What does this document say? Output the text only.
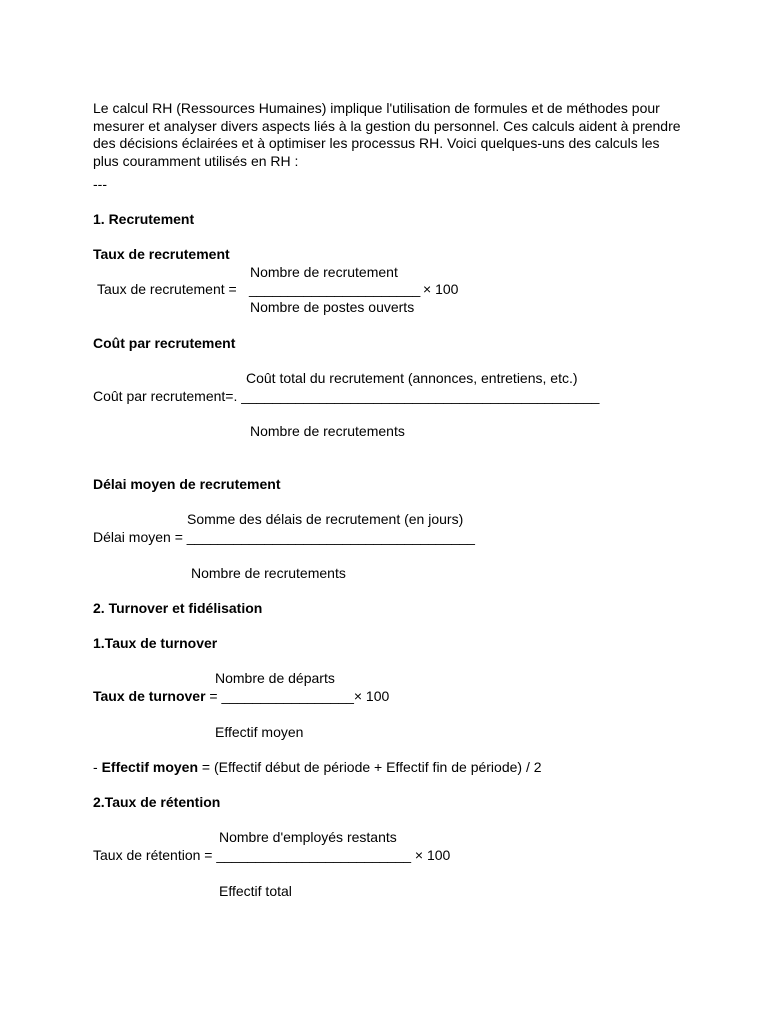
Le calcul RH (Ressources Humaines) implique l'utilisation de formules et de méthodes pour mesurer et analyser divers aspects liés à la gestion du personnel. Ces calculs aident à prendre des décisions éclairées et à optimiser les processus RH. Voici quelques-uns des calculs les plus couramment utilisés en RH :

---
1. Recrutement
Taux de recrutement
Nombre de recrutement
Taux de recrutement = ______________________ × 100
Nombre de postes ouverts
Coût par recrutement
Coût total du recrutement (annonces, entretiens, etc.)
Coût par recrutement=. ______________________________________________
Nombre de recrutements
Délai moyen de recrutement
Somme des délais de recrutement (en jours)
Délai moyen = _____________________________________
Nombre de recrutements
2. Turnover et fidélisation
1.Taux de turnover
Nombre de départs
Taux de turnover = _________________× 100
Effectif moyen
- Effectif moyen = (Effectif début de période + Effectif fin de période) / 2
2.Taux de rétention
Nombre d'employés restants
Taux de rétention = _________________________ × 100
Effectif total
